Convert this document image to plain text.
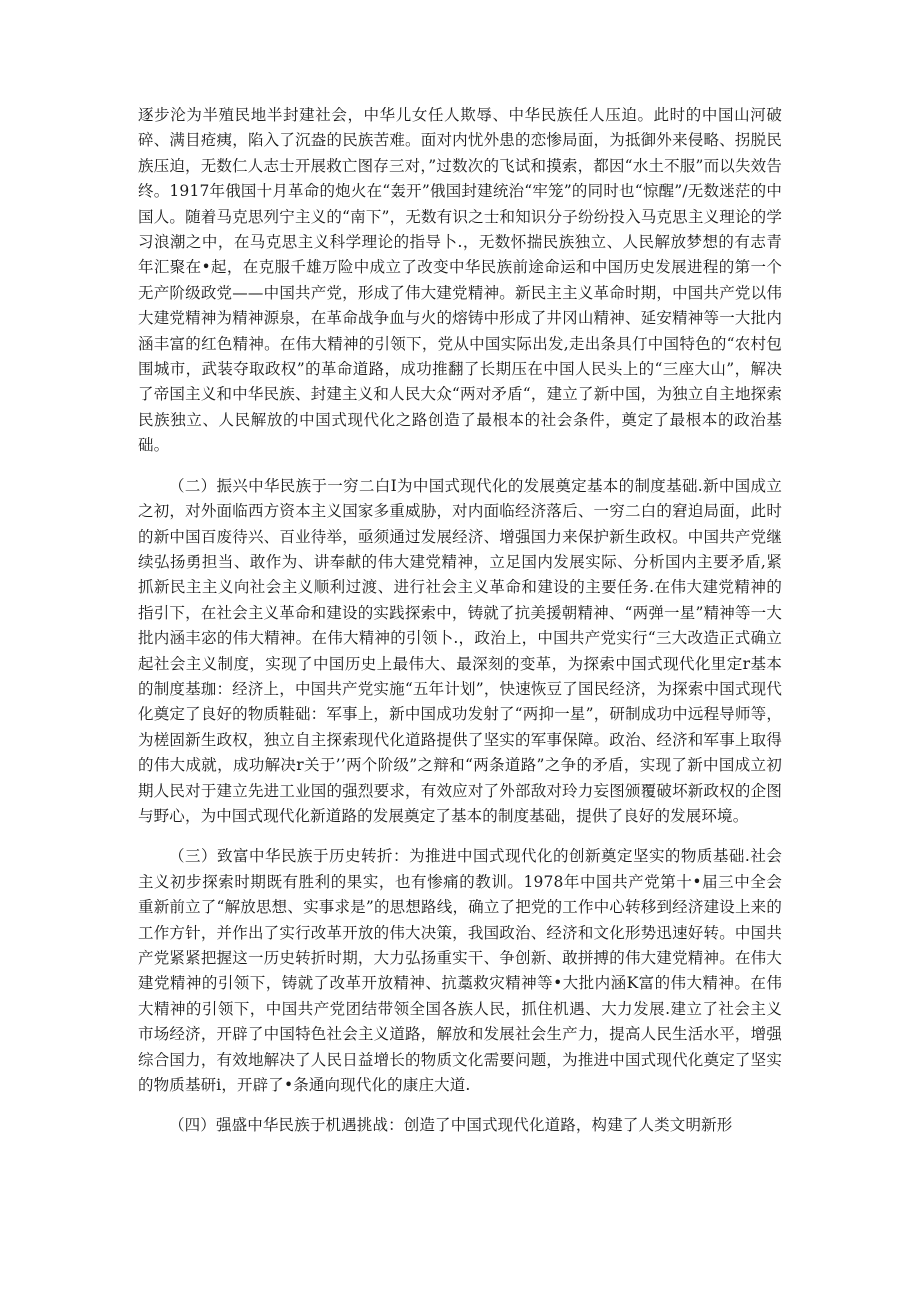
逐步沦为半殖民地半封建社会，中华儿女任人欺辱、中华民族任人压迫。此时的中国山河破碎、满目疮痍，陷入了沉盎的民族苦难。面对内忧外患的恋惨局面，为抵御外来侵略、拐脱民族压迫，无数仁人志士开展救亡图存三对，”过数次的飞试和摸索，都因“水土不服”而以失效告终。1917年俄国十月革命的炮火在“轰开”俄国封建统治“牢笼”的同时也“惊醒”/无数迷茫的中国人。随着马克思列宁主义的“南下”，无数有识之士和知识分子纷纷投入马克思主义理论的学习浪潮之中，在马克思主义科学理论的指导卜.，无数怀揣民族独立、人民解放梦想的有志青年汇聚在•起，在克服千雄万险中成立了改变中华民族前途命运和中国历史发展进程的第一个无产阶级政党——中国共产党，形成了伟大建党精神。新民主主义革命时期，中国共产党以伟大建党精神为精神源泉，在革命战争血与火的熔铸中形成了井冈山精神、延安精神等一大批内涵丰富的红色精神。在伟大精神的引领下，党从中国实际出发,走出条具仃中国特色的“农村包围城市，武装夺取政权”的革命道路，成功推翻了长期压在中国人民头上的“三座大山”，解决了帝国主义和中华民族、封建主义和人民大众“两对矛盾“，建立了新中国，为独立自主地探索民族独立、人民解放的中国式现代化之路创造了最根本的社会条件，奠定了最根本的政治基础。

（二）振兴中华民族于一穷二白I为中国式现代化的发展奠定基本的制度基础.新中国成立之初，对外面临西方资本主义国家多重威胁，对内面临经济落后、一穷二白的窘迫局面，此时的新中国百废待兴、百业待举，亟须通过发展经济、增强国力来保护新生政权。中国共产党继续弘扬勇担当、敢作为、讲奉献的伟大建党精神，立足国内发展实际、分析国内主要矛盾,紧抓新民主主义向社会主义顺利过渡、进行社会主义革命和建设的主要任务.在伟大建党精神的指引下，在社会主义革命和建设的实践探索中，铸就了抗美援朝精神、“两弹一星”精神等一大批内涵丰宓的伟大精神。在伟大精神的引领卜.，政治上，中国共产党实行“三大改造正式确立起社会主义制度，实现了中国历史上最伟大、最深刻的变革，为探索中国式现代化里定r基本的制度基珈：经济上，中国共产党实施“五年计划”，快速恢豆了国民经济，为探索中国式现代化奠定了良好的物质鞋础：军事上，新中国成功发射了“两抑一星”，研制成功中远程导师等，为槎固新生政权，独立自主探索现代化道路提供了坚实的军事保障。政治、经济和军事上取得的伟大成就，成功解决r关于’’两个阶级”之辩和“两条道路”之争的矛盾，实现了新中国成立初期人民对于建立先进工业国的强烈要求，有效应对了外部敌对玲力妄图颁覆破坏新政权的企图与野心，为中国式现代化新道路的发展奠定了基本的制度基础，提供了良好的发展环境。

（三）致富中华民族于历史转折：为推进中国式现代化的创新奠定坚实的物质基础.社会主义初步探索时期既有胜利的果实，也有惨痛的教训。1978年中国共产党第十•届三中全会重新前立了“解放思想、实事求是”的思想路线，确立了把党的工作中心转移到经济建设上来的工作方针，并作出了实行改革开放的伟大决策，我国政治、经济和文化形势迅速好转。中国共产党紧紧把握这一历史转折时期，大力弘扬重实干、争创新、敢拼搏的伟大建党精神。在伟大建党精神的引领下，铸就了改革开放精神、抗藁救灾精神等•大批内涵K富的伟大精神。在伟大精神的引领下，中国共产党团结带领全国各族人民，抓住机遇、大力发展.建立了社会主义市场经济，开辟了中国特色社会主义道路，解放和发展社会生产力，提高人民生活水平，增强综合国力，有效地解决了人民日益增长的物质文化需要问题，为推进中国式现代化奠定了坚实的物质基研i，开辟了•条通向现代化的康庄大道.

（四）强盛中华民族于机遇挑战：创造了中国式现代化道路，构建了人类文明新形
